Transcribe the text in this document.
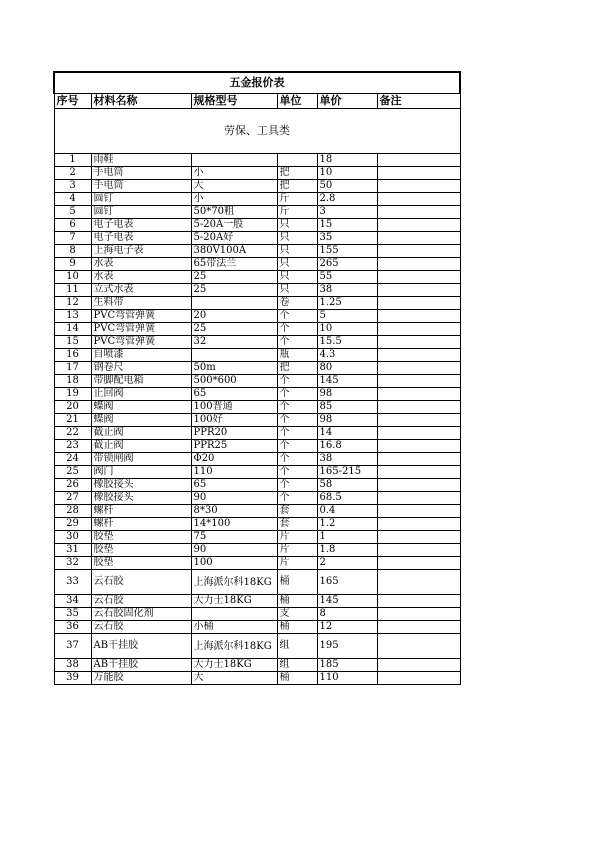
五金报价表					
序号	材料名称	规格型号	单位	单价	备注
劳保、工具类					
1	雨鞋			18	
2	手电筒	小	把	10	
3	手电筒	大	把	50	
4	圆钉	小	斤	2.8	
5	圆钉	50*70粗	斤	3	
6	电子电表	5-20A一般	只	15	
7	电子电表	5-20A好	只	35	
8	上海电子表	380V100A	只	155	
9	水表	65带法兰	只	265	
10	水表	25	只	55	
11	立式水表	25	只	38	
12	生料带		卷	1.25	
13	PVC弯管弹簧	20	个	5	
14	PVC弯管弹簧	25	个	10	
15	PVC弯管弹簧	32	个	15.5	
16	自喷漆		瓶	4.3	
17	钢卷尺	50m	把	80	
18	带脚配电箱	500*600	个	145	
19	止回阀	65	个	98	
20	蝶阀	100普通	个	85	
21	蝶阀	100好	个	98	
22	截止阀	PPR20	个	14	
23	截止阀	PPR25	个	16.8	
24	带锁闸阀	Φ20	个	38	
25	阀门	110	个	165-215	
26	橡胶接头	65	个	58	
27	橡胶接头	90	个	68.5	
28	螺杆	8*30	套	0.4	
29	螺杆	14*100	套	1.2	
30	胶垫	75	片	1	
31	胶垫	90	片	1.8	
32	胶垫	100	片	2	
33	云石胶	上海派尔科18KG	桶	165	
34	云石胶	大力士18KG	桶	145	
35	云石胶固化剂		支	8	
36	云石胶	小桶	桶	12	
37	AB干挂胶	上海派尔科18KG	组	195	
38	AB干挂胶	大力士18KG	组	185	
39	万能胶	大	桶	110	
